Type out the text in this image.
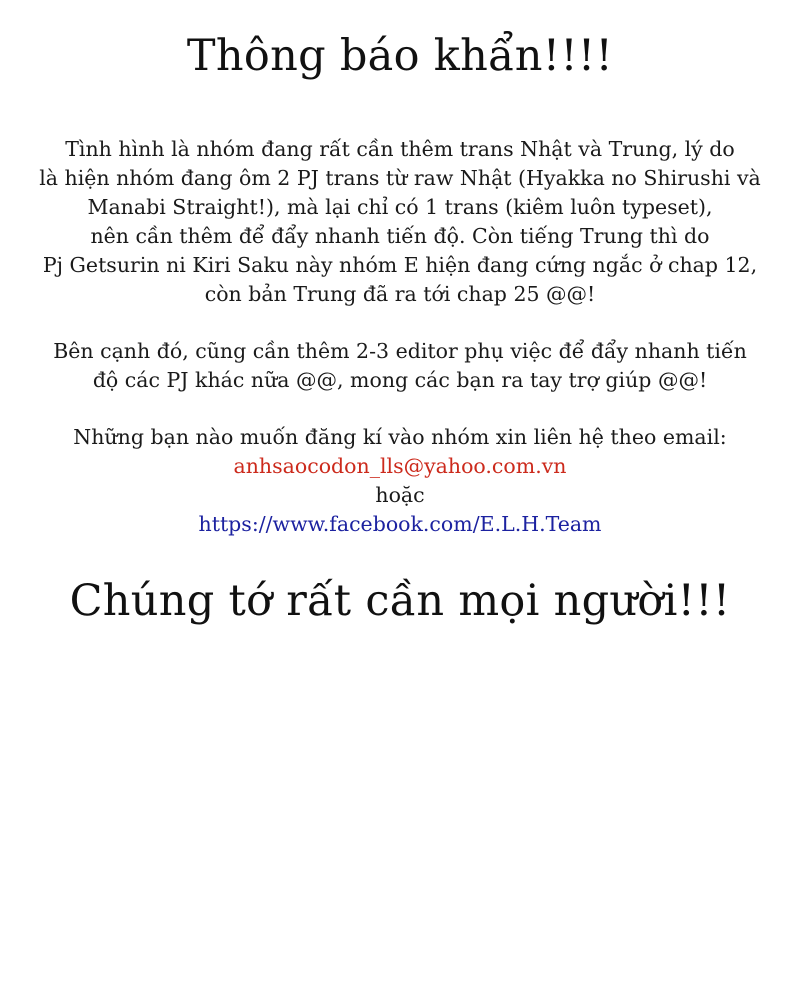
Thông báo khẩn!!!!
Tình hình là nhóm đang rất cần thêm trans Nhật và Trung, lý do
là hiện nhóm đang ôm 2 PJ trans từ raw Nhật (Hyakka no Shirushi và
Manabi Straight!), mà lại chỉ có 1 trans (kiêm luôn typeset),
nên cần thêm để đẩy nhanh tiến độ. Còn tiếng Trung thì do
Pj Getsurin ni Kiri Saku này nhóm E hiện đang cứng ngắc ở chap 12,
còn bản Trung đã ra tới chap 25 @@!
Bên cạnh đó, cũng cần thêm 2-3 editor phụ việc để đẩy nhanh tiến
độ các PJ khác nữa @@, mong các bạn ra tay trợ giúp @@!
Những bạn nào muốn đăng kí vào nhóm xin liên hệ theo email:
anhsaocodon_lls@yahoo.com.vn
hoặc
https://www.facebook.com/E.L.H.Team
Chúng tớ rất cần mọi người!!!
